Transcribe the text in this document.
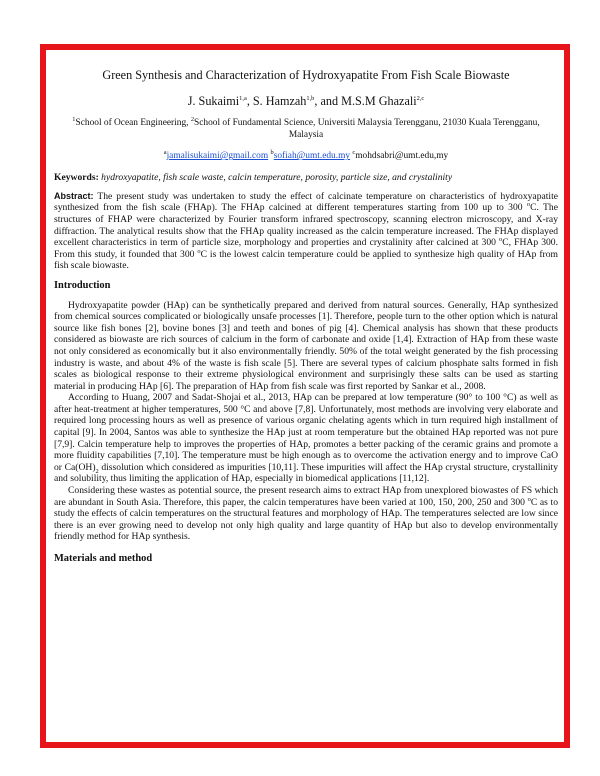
Green Synthesis and Characterization of Hydroxyapatite From Fish Scale Biowaste
J. Sukaimi$^{1,a}$, S. Hamzah$^{1,b}$, and M.S.M Ghazali$^{2,c}$
$^1$School of Ocean Engineering, $^2$School of Fundamental Science, Universiti Malaysia Terengganu, 21030 Kuala Terengganu, Malaysia
$^a$jamalisukaimi@gmail.com $^b$sofiah@umt.edu.my $^c$mohdsabri@umt.edu,my
Keywords: hydroxyapatite, fish scale waste, calcin temperature, porosity, particle size, and crystalinity
Abstract: The present study was undertaken to study the effect of calcinate temperature on characteristics of hydroxyapatite synthesized from the fish scale (FHAp). The FHAp calcined at different temperatures starting from 100 up to 300 $^o$C. The structures of FHAP were characterized by Fourier transform infrared spectroscopy, scanning electron microscopy, and X-ray diffraction. The analytical results show that the FHAp quality increased as the calcin temperature increased. The FHAp displayed excellent characteristics in term of particle size, morphology and properties and crystalinity after calcined at 300 $^o$C, FHAp 300. From this study, it founded that 300 $^o$C is the lowest calcin temperature could be applied to synthesize high quality of HAp from fish scale biowaste.
Introduction

Hydroxyapatite powder (HAp) can be synthetically prepared and derived from natural sources. Generally, HAp synthesized from chemical sources complicated or biologically unsafe processes [1]. Therefore, people turn to the other option which is natural source like fish bones [2], bovine bones [3] and teeth and bones of pig [4]. Chemical analysis has shown that these products considered as biowaste are rich sources of calcium in the form of carbonate and oxide [1,4]. Extraction of HAp from these waste not only considered as economically but it also environmentally friendly. 50% of the total weight generated by the fish processing industry is waste, and about 4% of the waste is fish scale [5]. There are several types of calcium phosphate salts formed in fish scales as biological response to their extreme physiological environment and surprisingly these salts can be used as starting material in producing HAp [6]. The preparation of HAp from fish scale was first reported by Sankar et al., 2008.

According to Huang, 2007 and Sadat-Shojai et al., 2013, HAp can be prepared at low temperature (90° to 100 °C) as well as after heat-treatment at higher temperatures, 500 °C and above [7,8]. Unfortunately, most methods are involving very elaborate and required long processing hours as well as presence of various organic chelating agents which in turn required high installment of capital [9]. In 2004, Santos was able to synthesize the HAp just at room temperature but the obtained HAp reported was not pure [7,9]. Calcin temperature help to improves the properties of HAp, promotes a better packing of the ceramic grains and promote a more fluidity capabilities [7,10]. The temperature must be high enough as to overcome the activation energy and to improve CaO or $Ca(OH)_2$ dissolution which considered as impurities [10,11]. These impurities will affect the HAp crystal structure, crystallinity and solubility, thus limiting the application of HAp, especially in biomedical applications [11,12].

Considering these wastes as potential source, the present research aims to extract HAp from unexplored biowastes of FS which are abundant in South Asia. Therefore, this paper, the calcin temperatures have been varied at 100, 150, 200, 250 and 300 $^o$C as to study the effects of calcin temperatures on the structural features and morphology of HAp. The temperatures selected are low since there is an ever growing need to develop not only high quality and large quantity of HAp but also to develop environmentally friendly method for HAp synthesis.

Materials and method
